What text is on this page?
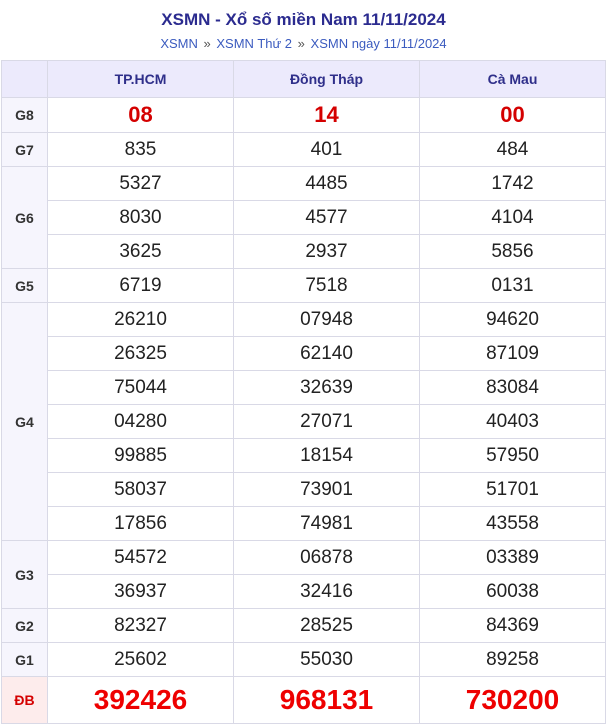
XSMN - Xổ số miền Nam 11/11/2024
XSMN » XSMN Thứ 2 » XSMN ngày 11/11/2024
	TP.HCM	Đồng Tháp	Cà Mau
G8	08	14	00
G7	835	401	484
G6	5327	4485	1742
	8030	4577	4104
	3625	2937	5856
G5	6719	7518	0131
G4	26210	07948	94620
	26325	62140	87109
	75044	32639	83084
	04280	27071	40403
	99885	18154	57950
	58037	73901	51701
	17856	74981	43558
G3	54572	06878	03389
	36937	32416	60038
G2	82327	28525	84369
G1	25602	55030	89258
ĐB	392426	968131	730200
